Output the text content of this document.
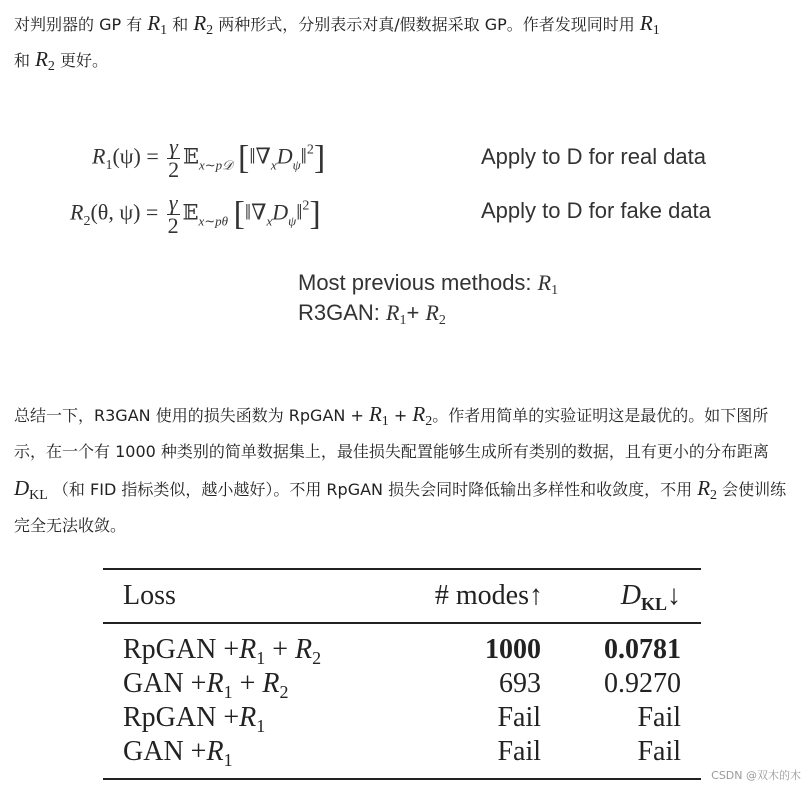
对判别器的 GP 有 $R_1$ 和 $R_2$ 两种形式，分别表示对真/假数据采取 GP。作者发现同时用 $R_1$
和 $R_2$ 更好。
$R_1(\psi) = \frac{\gamma}{2}$ 𝔼$_{x\sim p𝒟}$ $[‖\nabla_xD_\psi‖^2]$	Apply to D for real data
$R_2(\theta$, $\psi) = \frac{\gamma}{2}$ 𝔼$_{x\sim p\theta}$ $[‖\nabla_xD_\psi‖^2]$	Apply to D for fake data
Most previous methods: $R_1$
R3GAN: $R_1+ R_2$
总结一下，R3GAN 使用的损失函数为 RpGAN + $R_1 + R_2$。作者用简单的实验证明这是最优的。如下图所示，在一个有 1000 种类别的简单数据集上，最佳损失配置能够生成所有类别的数据，且有更小的分布距离 $D_{KL}$ （和 FID 指标类似，越小越好）。不用 RpGAN 损失会同时降低输出多样性和收敛度，不用 $R_2$ 会使训练完全无法收敛。
Loss	# modes↑	$D_{KL}↓$
RpGAN $+R_1 + R_2$	1000 0.0781
GAN $+R_1 + R_2$	693 0.9270
RpGAN $+R_1$	Fail	Fail
GAN $+R_1$	Fail	Fail
CSDN @双木的木
